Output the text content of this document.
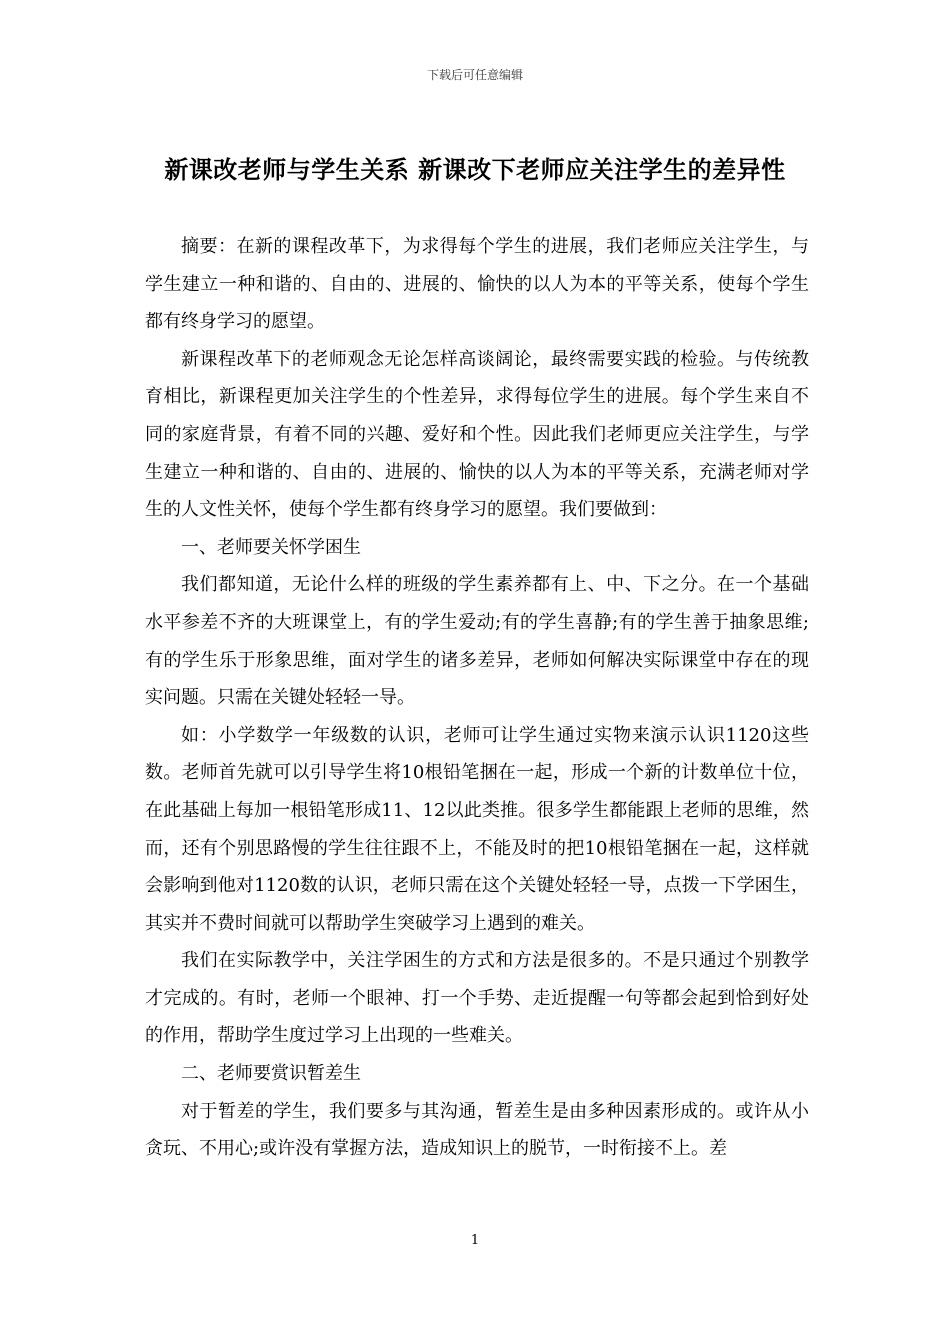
下载后可任意编辑
新课改老师与学生关系 新课改下老师应关注学生的差异性

摘要：在新的课程改革下，为求得每个学生的进展，我们老师应关注学生，与学生建立一种和谐的、自由的、进展的、愉快的以人为本的平等关系，使每个学生都有终身学习的愿望。

新课程改革下的老师观念无论怎样高谈阔论，最终需要实践的检验。与传统教育相比，新课程更加关注学生的个性差异，求得每位学生的进展。每个学生来自不同的家庭背景，有着不同的兴趣、爱好和个性。因此我们老师更应关注学生，与学生建立一种和谐的、自由的、进展的、愉快的以人为本的平等关系，充满老师对学生的人文性关怀，使每个学生都有终身学习的愿望。我们要做到：

一、老师要关怀学困生

我们都知道，无论什么样的班级的学生素养都有上、中、下之分。在一个基础水平参差不齐的大班课堂上，有的学生爱动;有的学生喜静;有的学生善于抽象思维;有的学生乐于形象思维，面对学生的诸多差异，老师如何解决实际课堂中存在的现实问题。只需在关键处轻轻一导。

如：小学数学一年级数的认识，老师可让学生通过实物来演示认识1120这些数。老师首先就可以引导学生将10根铅笔捆在一起，形成一个新的计数单位十位，在此基础上每加一根铅笔形成11、12以此类推。很多学生都能跟上老师的思维，然而，还有个别思路慢的学生往往跟不上，不能及时的把10根铅笔捆在一起，这样就会影响到他对1120数的认识，老师只需在这个关键处轻轻一导，点拨一下学困生，其实并不费时间就可以帮助学生突破学习上遇到的难关。

我们在实际教学中，关注学困生的方式和方法是很多的。不是只通过个别教学才完成的。有时，老师一个眼神、打一个手势、走近提醒一句等都会起到恰到好处的作用，帮助学生度过学习上出现的一些难关。

二、老师要赏识暂差生

对于暂差的学生，我们要多与其沟通，暂差生是由多种因素形成的。或许从小贪玩、不用心;或许没有掌握方法，造成知识上的脱节，一时衔接不上。差

1
